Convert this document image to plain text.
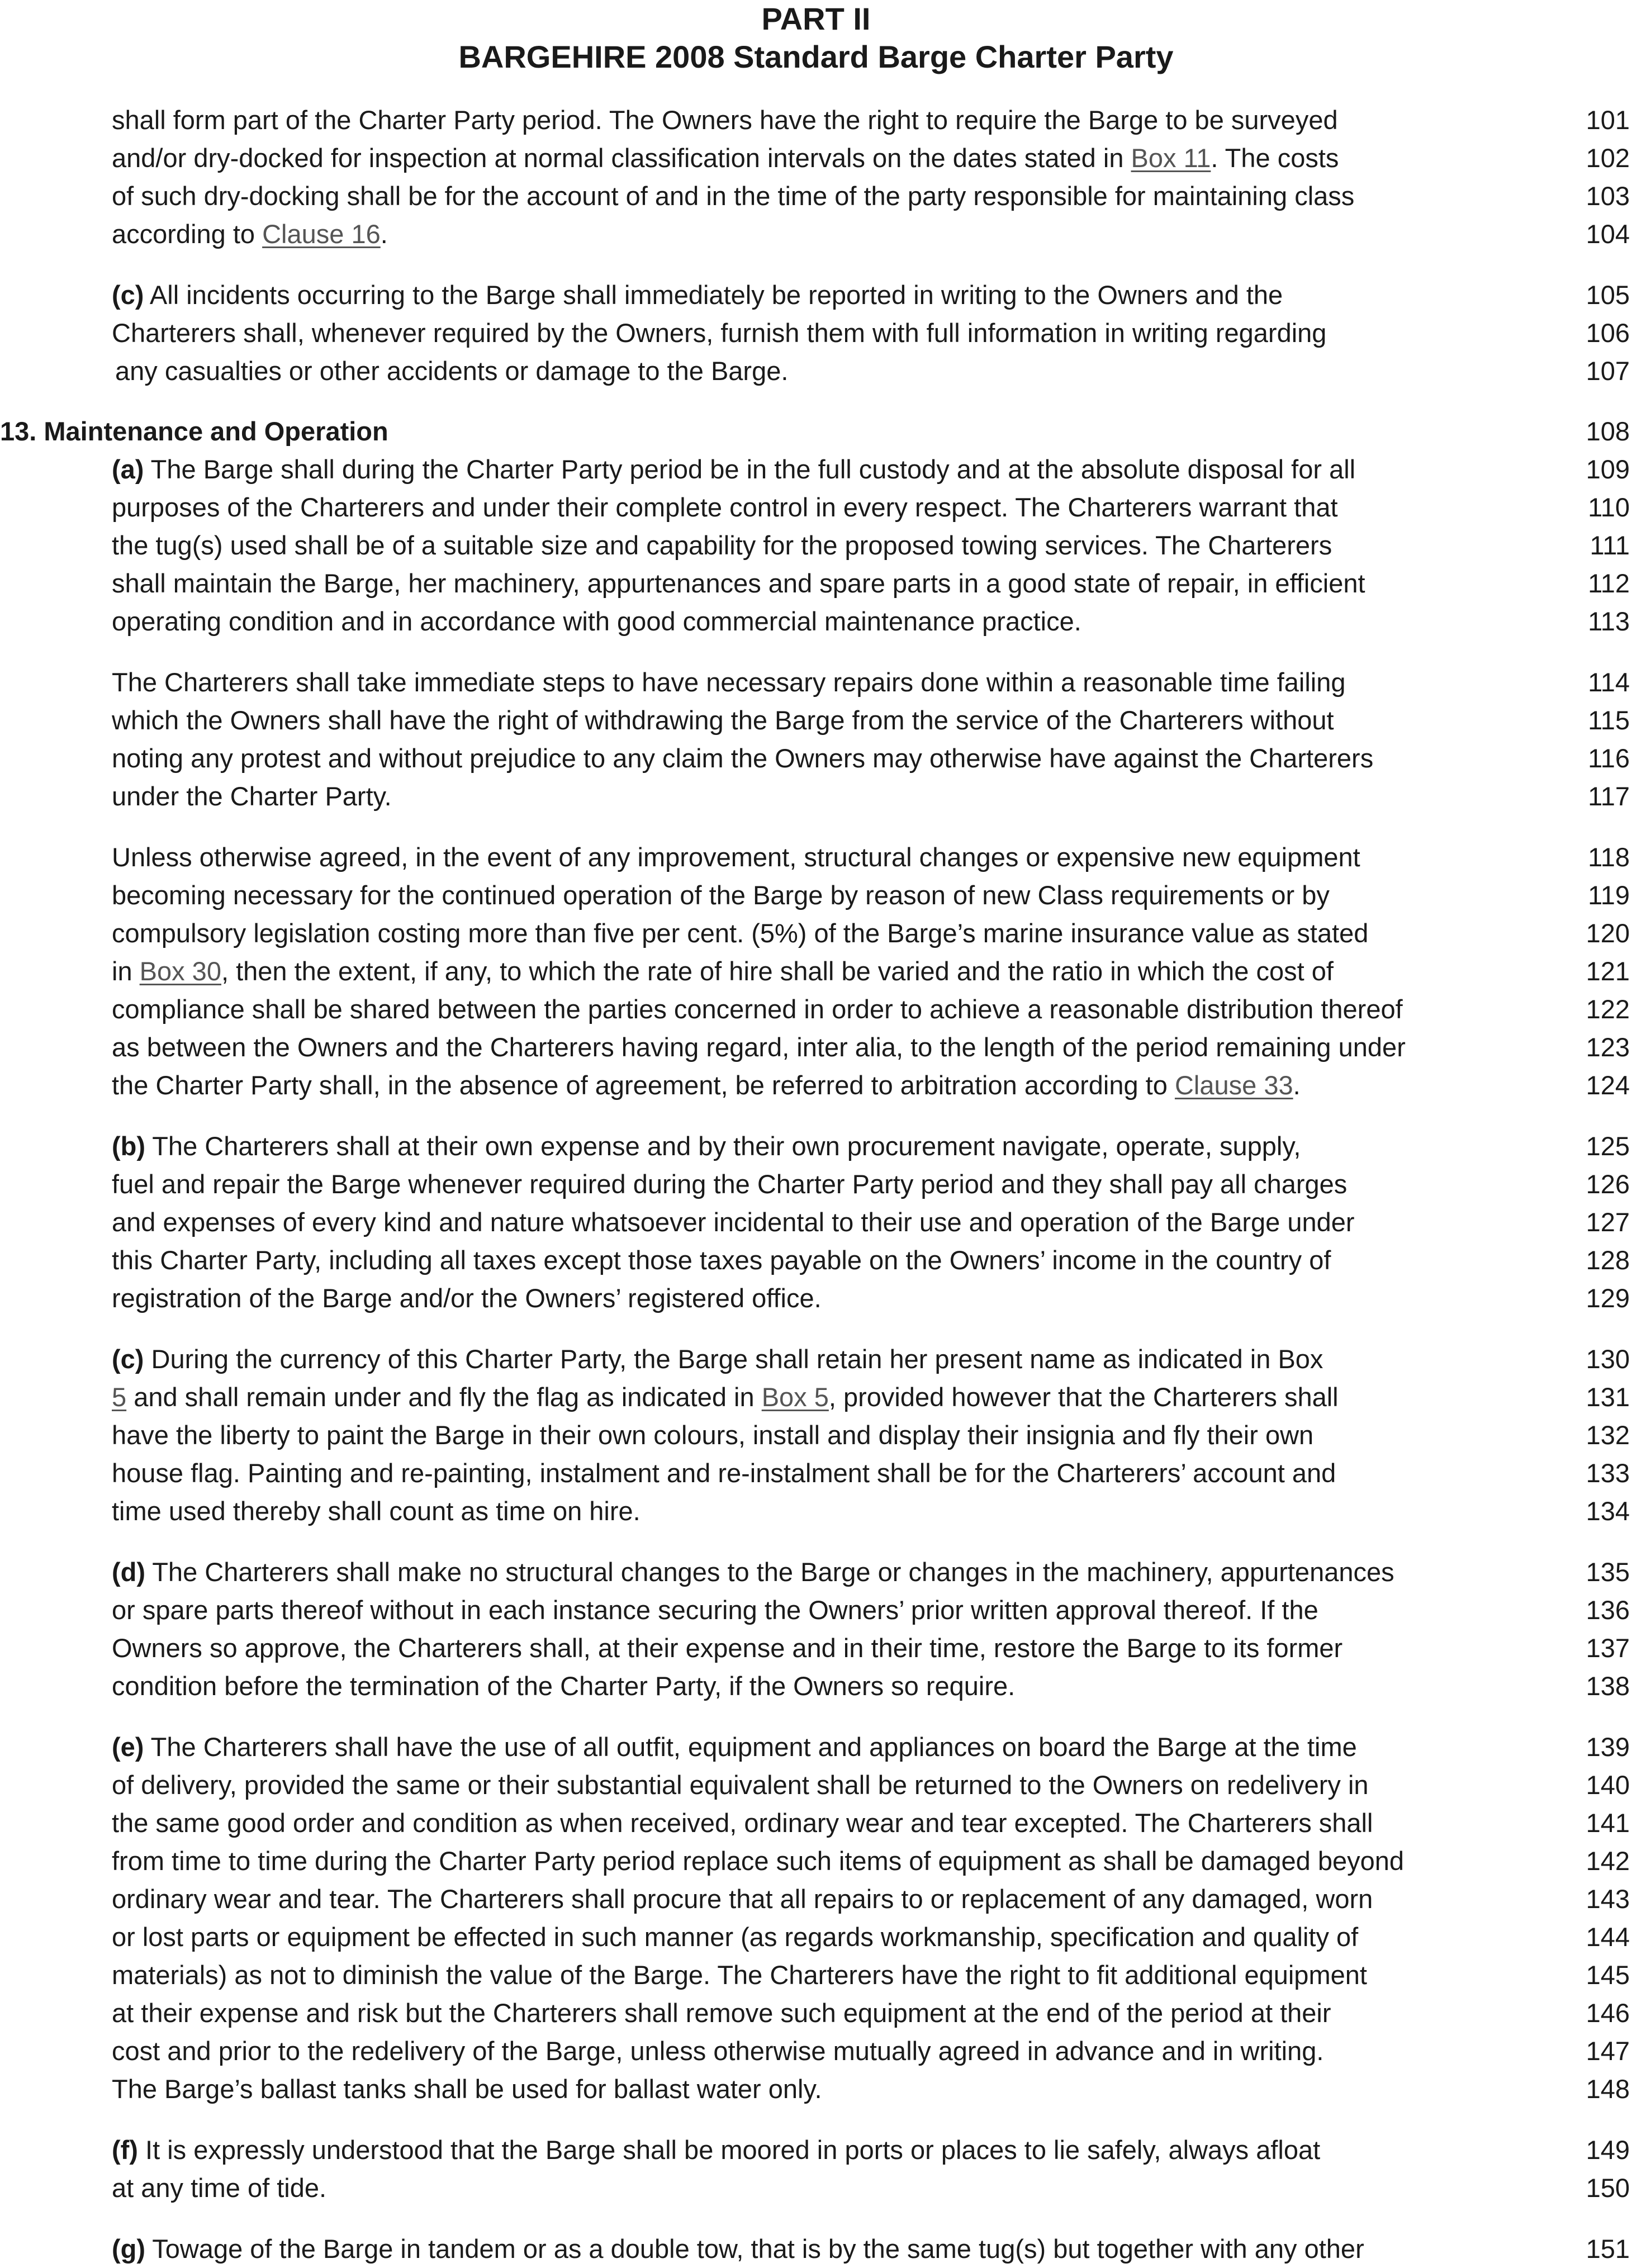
PART II
BARGEHIRE 2008 Standard Barge Charter Party
shall form part of the Charter Party period. The Owners have the right to require the Barge to be surveyed	101
and/or dry-docked for inspection at normal classification intervals on the dates stated in Box 11. The costs	102
of such dry-docking shall be for the account of and in the time of the party responsible for maintaining class	103
according to Clause 16.	104
(c) All incidents occurring to the Barge shall immediately be reported in writing to the Owners and the	105
Charterers shall, whenever required by the Owners, furnish them with full information in writing regarding	106
any casualties or other accidents or damage to the Barge.	107
13. Maintenance and Operation	108
(a) The Barge shall during the Charter Party period be in the full custody and at the absolute disposal for all	109
purposes of the Charterers and under their complete control in every respect. The Charterers warrant that	110
the tug(s) used shall be of a suitable size and capability for the proposed towing services. The Charterers	111
shall maintain the Barge, her machinery, appurtenances and spare parts in a good state of repair, in efficient	112
operating condition and in accordance with good commercial maintenance practice.	113
The Charterers shall take immediate steps to have necessary repairs done within a reasonable time failing	114
which the Owners shall have the right of withdrawing the Barge from the service of the Charterers without	115
noting any protest and without prejudice to any claim the Owners may otherwise have against the Charterers	116
under the Charter Party.	117
Unless otherwise agreed, in the event of any improvement, structural changes or expensive new equipment	118
becoming necessary for the continued operation of the Barge by reason of new Class requirements or by	119
compulsory legislation costing more than five per cent. (5%) of the Barge’s marine insurance value as stated	120
in Box 30, then the extent, if any, to which the rate of hire shall be varied and the ratio in which the cost of	121
compliance shall be shared between the parties concerned in order to achieve a reasonable distribution thereof	122
as between the Owners and the Charterers having regard, inter alia, to the length of the period remaining under	123
the Charter Party shall, in the absence of agreement, be referred to arbitration according to Clause 33.	124
(b) The Charterers shall at their own expense and by their own procurement navigate, operate, supply,	125
fuel and repair the Barge whenever required during the Charter Party period and they shall pay all charges	126
and expenses of every kind and nature whatsoever incidental to their use and operation of the Barge under	127
this Charter Party, including all taxes except those taxes payable on the Owners’ income in the country of	128
registration of the Barge and/or the Owners’ registered office.	129
(c) During the currency of this Charter Party, the Barge shall retain her present name as indicated in Box	130
5 and shall remain under and fly the flag as indicated in Box 5, provided however that the Charterers shall	131
have the liberty to paint the Barge in their own colours, install and display their insignia and fly their own	132
house flag. Painting and re-painting, instalment and re-instalment shall be for the Charterers’ account and	133
time used thereby shall count as time on hire.	134
(d) The Charterers shall make no structural changes to the Barge or changes in the machinery, appurtenances	135
or spare parts thereof without in each instance securing the Owners’ prior written approval thereof. If the	136
Owners so approve, the Charterers shall, at their expense and in their time, restore the Barge to its former	137
condition before the termination of the Charter Party, if the Owners so require.	138
(e) The Charterers shall have the use of all outfit, equipment and appliances on board the Barge at the time	139
of delivery, provided the same or their substantial equivalent shall be returned to the Owners on redelivery in	140
the same good order and condition as when received, ordinary wear and tear excepted. The Charterers shall	141
from time to time during the Charter Party period replace such items of equipment as shall be damaged beyond	142
ordinary wear and tear. The Charterers shall procure that all repairs to or replacement of any damaged, worn	143
or lost parts or equipment be effected in such manner (as regards workmanship, specification and quality of	144
materials) as not to diminish the value of the Barge. The Charterers have the right to fit additional equipment	145
at their expense and risk but the Charterers shall remove such equipment at the end of the period at their	146
cost and prior to the redelivery of the Barge, unless otherwise mutually agreed in advance and in writing.	147
The Barge’s ballast tanks shall be used for ballast water only.	148
(f) It is expressly understood that the Barge shall be moored in ports or places to lie safely, always afloat	149
at any time of tide.	150
(g) Towage of the Barge in tandem or as a double tow, that is by the same tug(s) but together with any other	151
